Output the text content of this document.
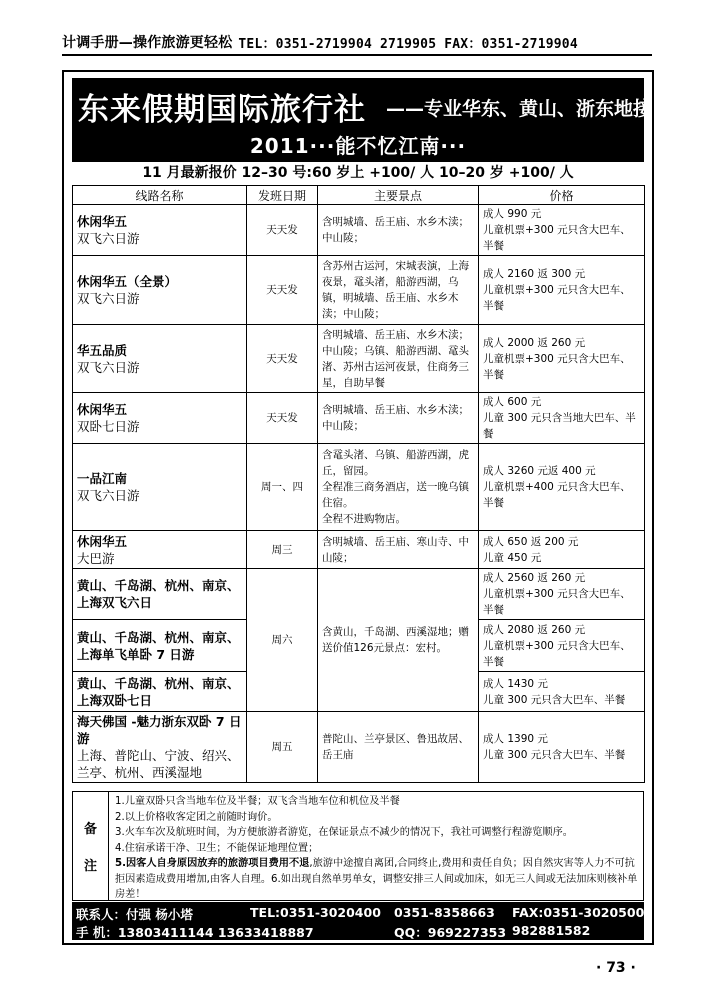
计调手册—操作旅游更轻松 TEL：0351-2719904 2719905 FAX：0351-2719904
东来假期国际旅行社 ——专业华东、黄山、浙东地接
2011···能不忆江南···
11 月最新报价 12–30 号:60 岁上 +100/ 人 10–20 岁 +100/ 人
线路名称	发班日期	主要景点	价格

休闲华五
双飞六日游	天天发	含明城墙、岳王庙、水乡木渎；中山陵；	成人 990 元
儿童机票+300 元只含大巴车、半餐

休闲华五（全景）
双飞六日游	天天发	含苏州古运河，宋城表演，上海夜景，鼋头渚，船游西湖，乌镇，明城墙、岳王庙、水乡木渎；中山陵；	成人 2160 返 300 元
儿童机票+300 元只含大巴车、半餐

华五品质
双飞六日游	天天发	含明城墙、岳王庙、水乡木渎；中山陵；乌镇、船游西湖、鼋头渚、苏州古运河夜景，住商务三星，自助早餐	成人 2000 返 260 元
儿童机票+300 元只含大巴车、半餐

休闲华五
双卧七日游	天天发	含明城墙、岳王庙、水乡木渎；中山陵；	成人 600 元
儿童 300 元只含当地大巴车、半餐

一品江南
双飞六日游	周一、四	含鼋头渚、乌镇、船游西湖，虎丘，留园。
全程准三商务酒店，送一晚乌镇住宿。
全程不进购物店。	成人 3260 元返 400 元
儿童机票+400 元只含大巴车、半餐

休闲华五
大巴游	周三	含明城墙、岳王庙、寒山寺、中山陵；	成人 650 返 200 元
儿童 450 元

黄山、千岛湖、杭州、南京、上海双飞六日	周六	含黄山，千岛湖、西溪湿地；赠送价值126元景点：宏村。	成人 2560 返 260 元
儿童机票+300 元只含大巴车、半餐

黄山、千岛湖、杭州、南京、上海单飞单卧 7 日游			成人 2080 返 260 元
儿童机票+300 元只含大巴车、半餐

黄山、千岛湖、杭州、南京、上海双卧七日			成人 1430 元
儿童 300 元只含大巴车、半餐

海天佛国 -魅力浙东双卧 7 日游
上海、普陀山、宁波、绍兴、兰亭、杭州、西溪湿地	周五	普陀山、兰亭景区、鲁迅故居、岳王庙	成人 1390 元
儿童 300 元只含大巴车、半餐
备
注
1.儿童双卧只含当地车位及半餐；双飞含当地车位和机位及半餐
2.以上价格收客定团之前随时询价。
3.火车车次及航班时间，为方便旅游者游览，在保证景点不减少的情况下，我社可调整行程游览顺序。
4.住宿承诺干净、卫生；不能保证地理位置；
5.因客人自身原因放弃的旅游项目费用不退,旅游中途擅自离团,合同终止,费用和责任自负；因自然灾害等人力不可抗拒因素造成费用增加,由客人自理。6.如出现自然单男单女，调整安排三人间或加床，如无三人间或无法加床则核补单房差！
联系人：付强 杨小塔	TEL:0351-3020400 0351-8358663 FAX:0351-3020500
手 机：13803411144 13633418887	QQ：969227353 982881582
· 73 ·
